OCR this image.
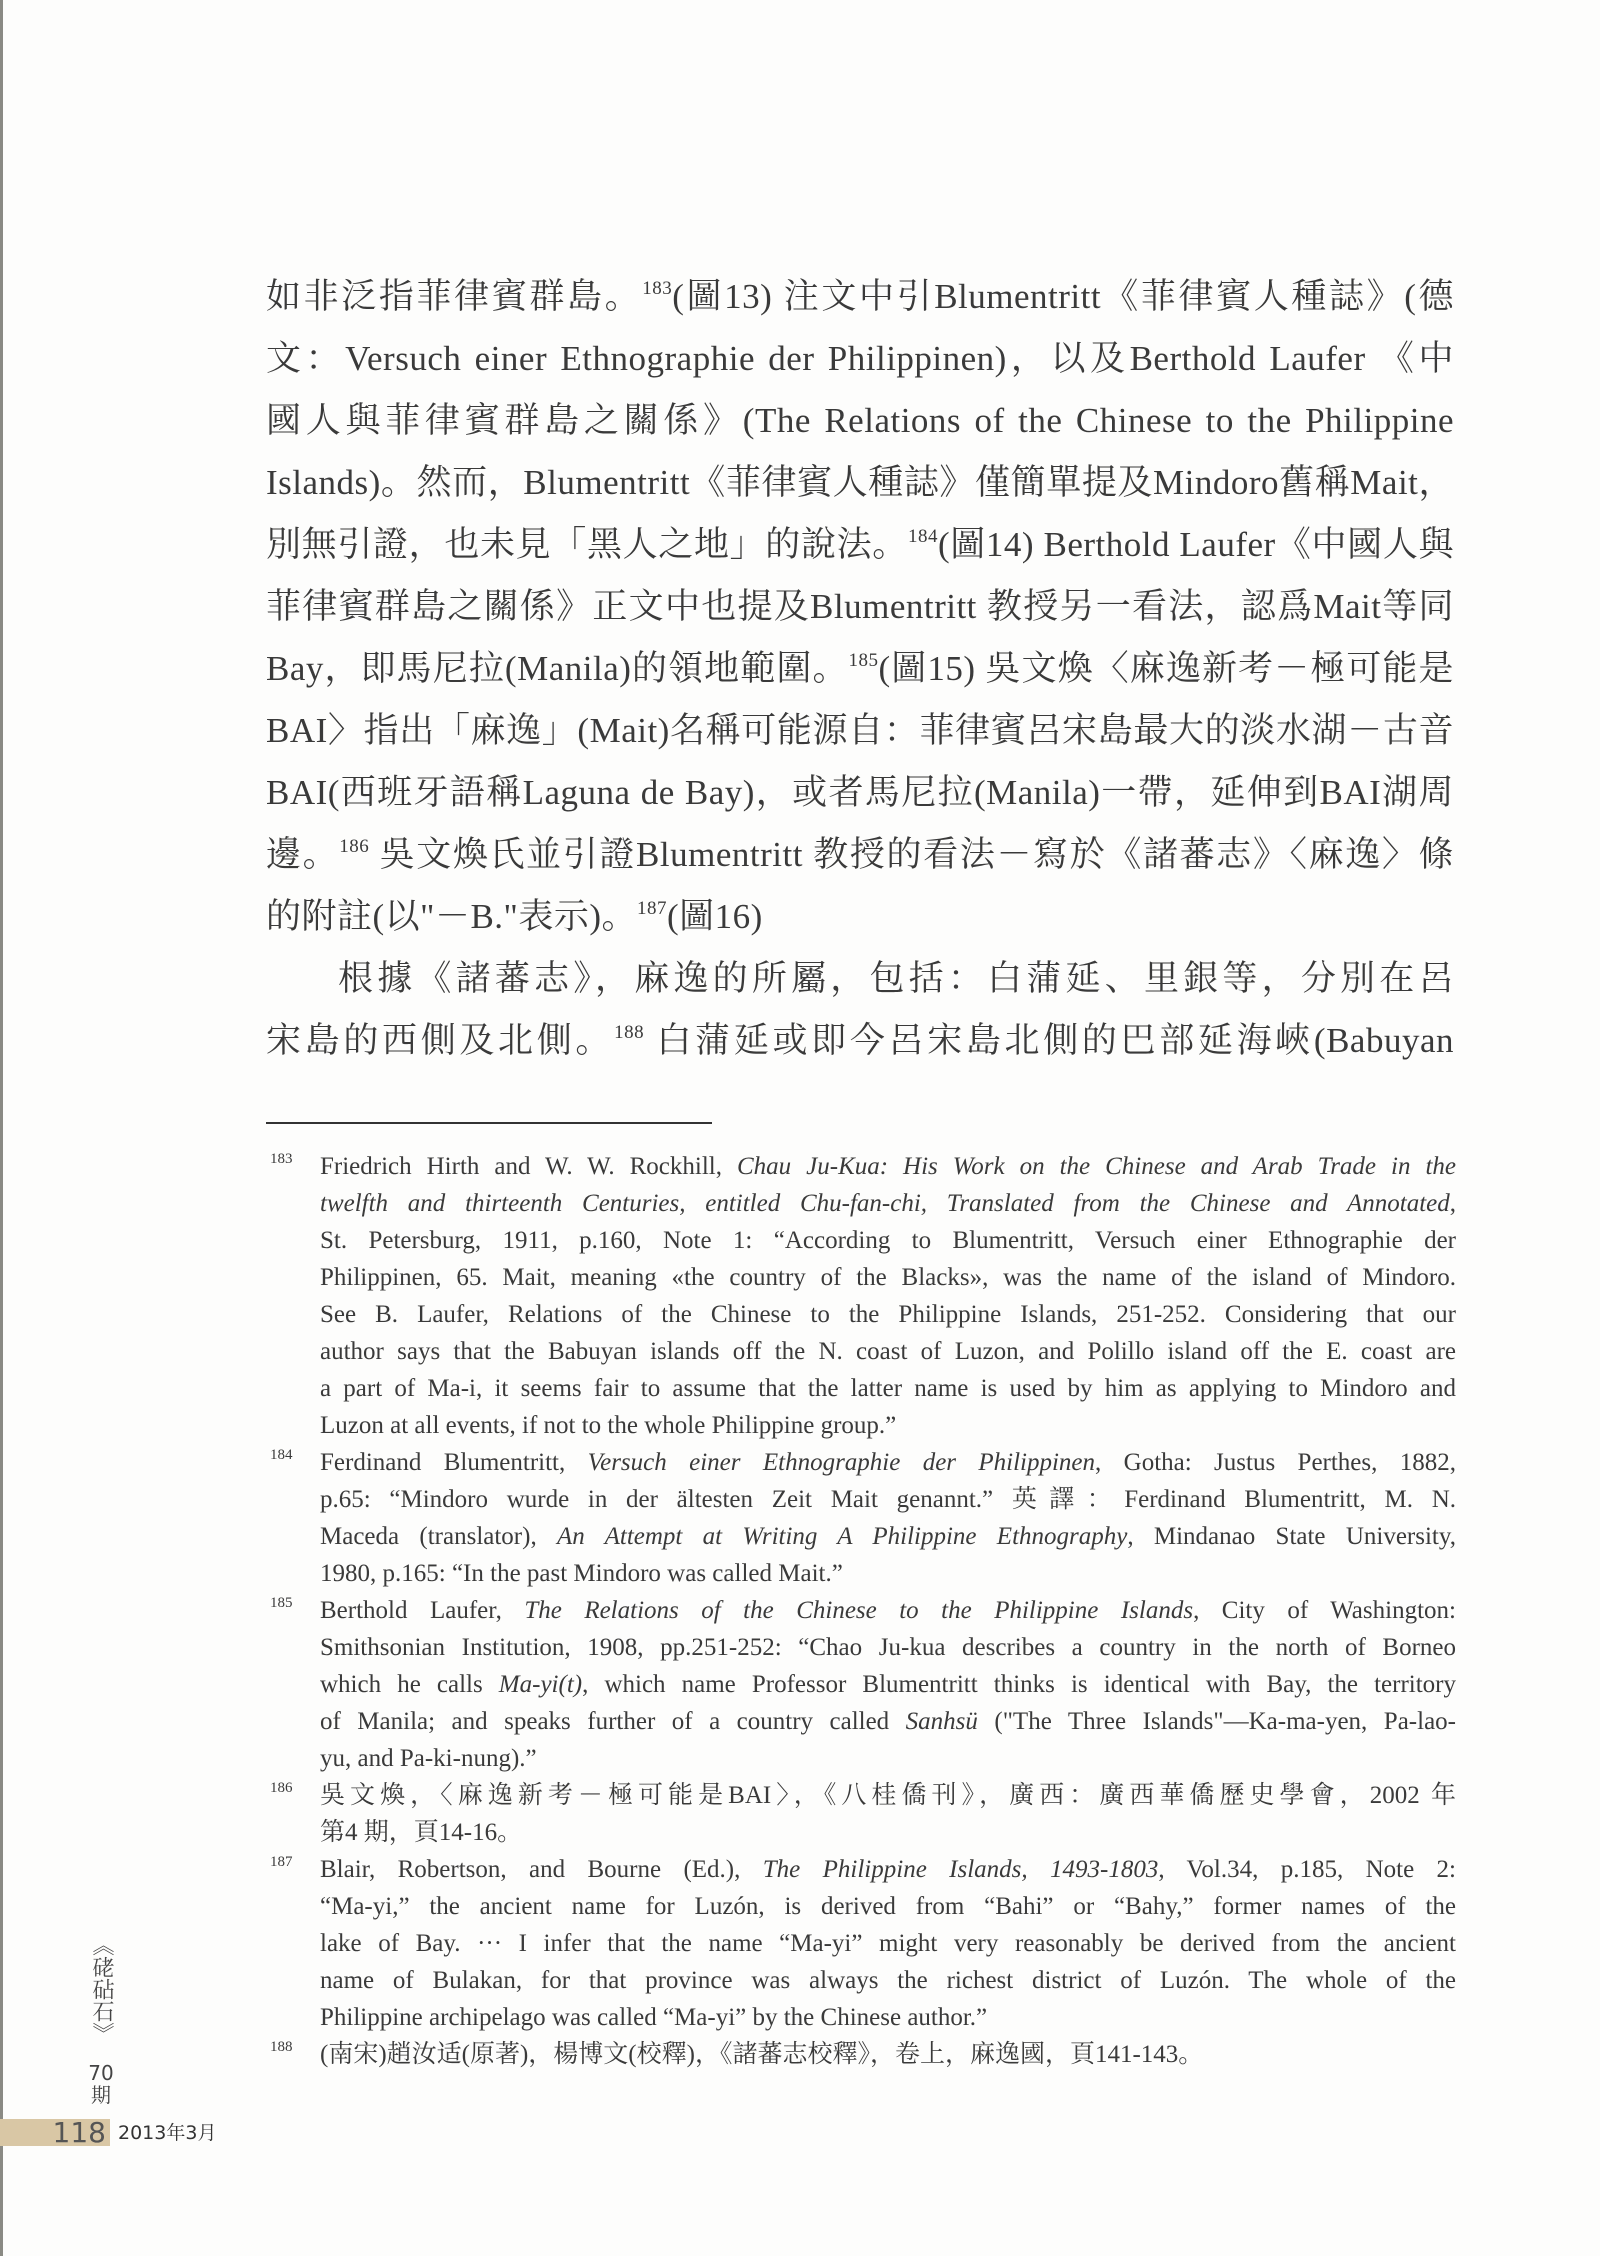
如非泛指菲律賓群島。$^{183}$(圖13) 注文中引Blumentritt《菲律賓人種誌》(德
文：Versuch einer Ethnographie der Philippinen)，以及Berthold Laufer 《中
國人與菲律賓群島之關係》(The Relations of the Chinese to the Philippine
Islands)。然而，Blumentritt《菲律賓人種誌》僅簡單提及Mindoro舊稱Mait，
別無引證，也未見「黑人之地」的說法。$^{184}$(圖14) Berthold Laufer《中國人與
菲律賓群島之關係》正文中也提及Blumentritt 教授另一看法，認爲Mait等同
Bay，即馬尼拉(Manila)的領地範圍。$^{185}$(圖15) 吳文煥〈麻逸新考－極可能是
BAI〉指出「麻逸」(Mait)名稱可能源自：菲律賓呂宋島最大的淡水湖－古音
BAI(西班牙語稱Laguna de Bay)，或者馬尼拉(Manila)一帶，延伸到BAI湖周
邊。$^{186}$ 吳文煥氏並引證Blumentritt 教授的看法－寫於《諸蕃志》〈麻逸〉條
的附註(以"－B."表示)。$^{187}$(圖16)
根據《諸蕃志》，麻逸的所屬，包括：白蒲延、里銀等，分別在呂
宋島的西側及北側。$^{188}$ 白蒲延或即今呂宋島北側的巴部延海峽(Babuyan
183 Friedrich Hirth and W. W. Rockhill, Chau Ju-Kua: His Work on the Chinese and Arab Trade in the
twelfth and thirteenth Centuries, entitled Chu-fan-chi, Translated from the Chinese and Annotated,
St. Petersburg, 1911, p.160, Note 1: “According to Blumentritt, Versuch einer Ethnographie der
Philippinen, 65. Mait, meaning «the country of the Blacks», was the name of the island of Mindoro.
See B. Laufer, Relations of the Chinese to the Philippine Islands, 251-252. Considering that our
author says that the Babuyan islands off the N. coast of Luzon, and Polillo island off the E. coast are
a part of Ma-i, it seems fair to assume that the latter name is used by him as applying to Mindoro and
Luzon at all events, if not to the whole Philippine group.”
184 Ferdinand Blumentritt, Versuch einer Ethnographie der Philippinen, Gotha: Justus Perthes, 1882,
p.65: “Mindoro wurde in der ältesten Zeit Mait genannt.” 英譯：Ferdinand Blumentritt, M. N.
Maceda (translator), An Attempt at Writing A Philippine Ethnography, Mindanao State University,
1980, p.165: “In the past Mindoro was called Mait.”
185 Berthold Laufer, The Relations of the Chinese to the Philippine Islands, City of Washington:
Smithsonian Institution, 1908, pp.251-252: “Chao Ju-kua describes a country in the north of Borneo
which he calls Ma-yi(t), which name Professor Blumentritt thinks is identical with Bay, the territory
of Manila; and speaks further of a country called Sanhsü ("The Three Islands"—Ka-ma-yen, Pa-lao-
yu, and Pa-ki-nung).”
186 吳文煥，〈麻逸新考－極可能是BAI〉，《八桂僑刊》，廣西：廣西華僑歷史學會，2002 年
第4 期，頁14-16。
187 Blair, Robertson, and Bourne (Ed.), The Philippine Islands, 1493-1803, Vol.34, p.185, Note 2:
“Ma-yi,” the ancient name for Luzón, is derived from “Bahi” or “Bahy,” former names of the
lake of Bay. ··· I infer that the name “Ma-yi” might very reasonably be derived from the ancient
name of Bulakan, for that province was always the richest district of Luzón. The whole of the
Philippine archipelago was called “Ma-yi” by the Chinese author.”
188 (南宋)趙汝适(原著)，楊博文(校釋)，《諸蕃志校釋》，卷上，麻逸國，頁141-143。
《硓砧石》
70期
118 2013年3月
